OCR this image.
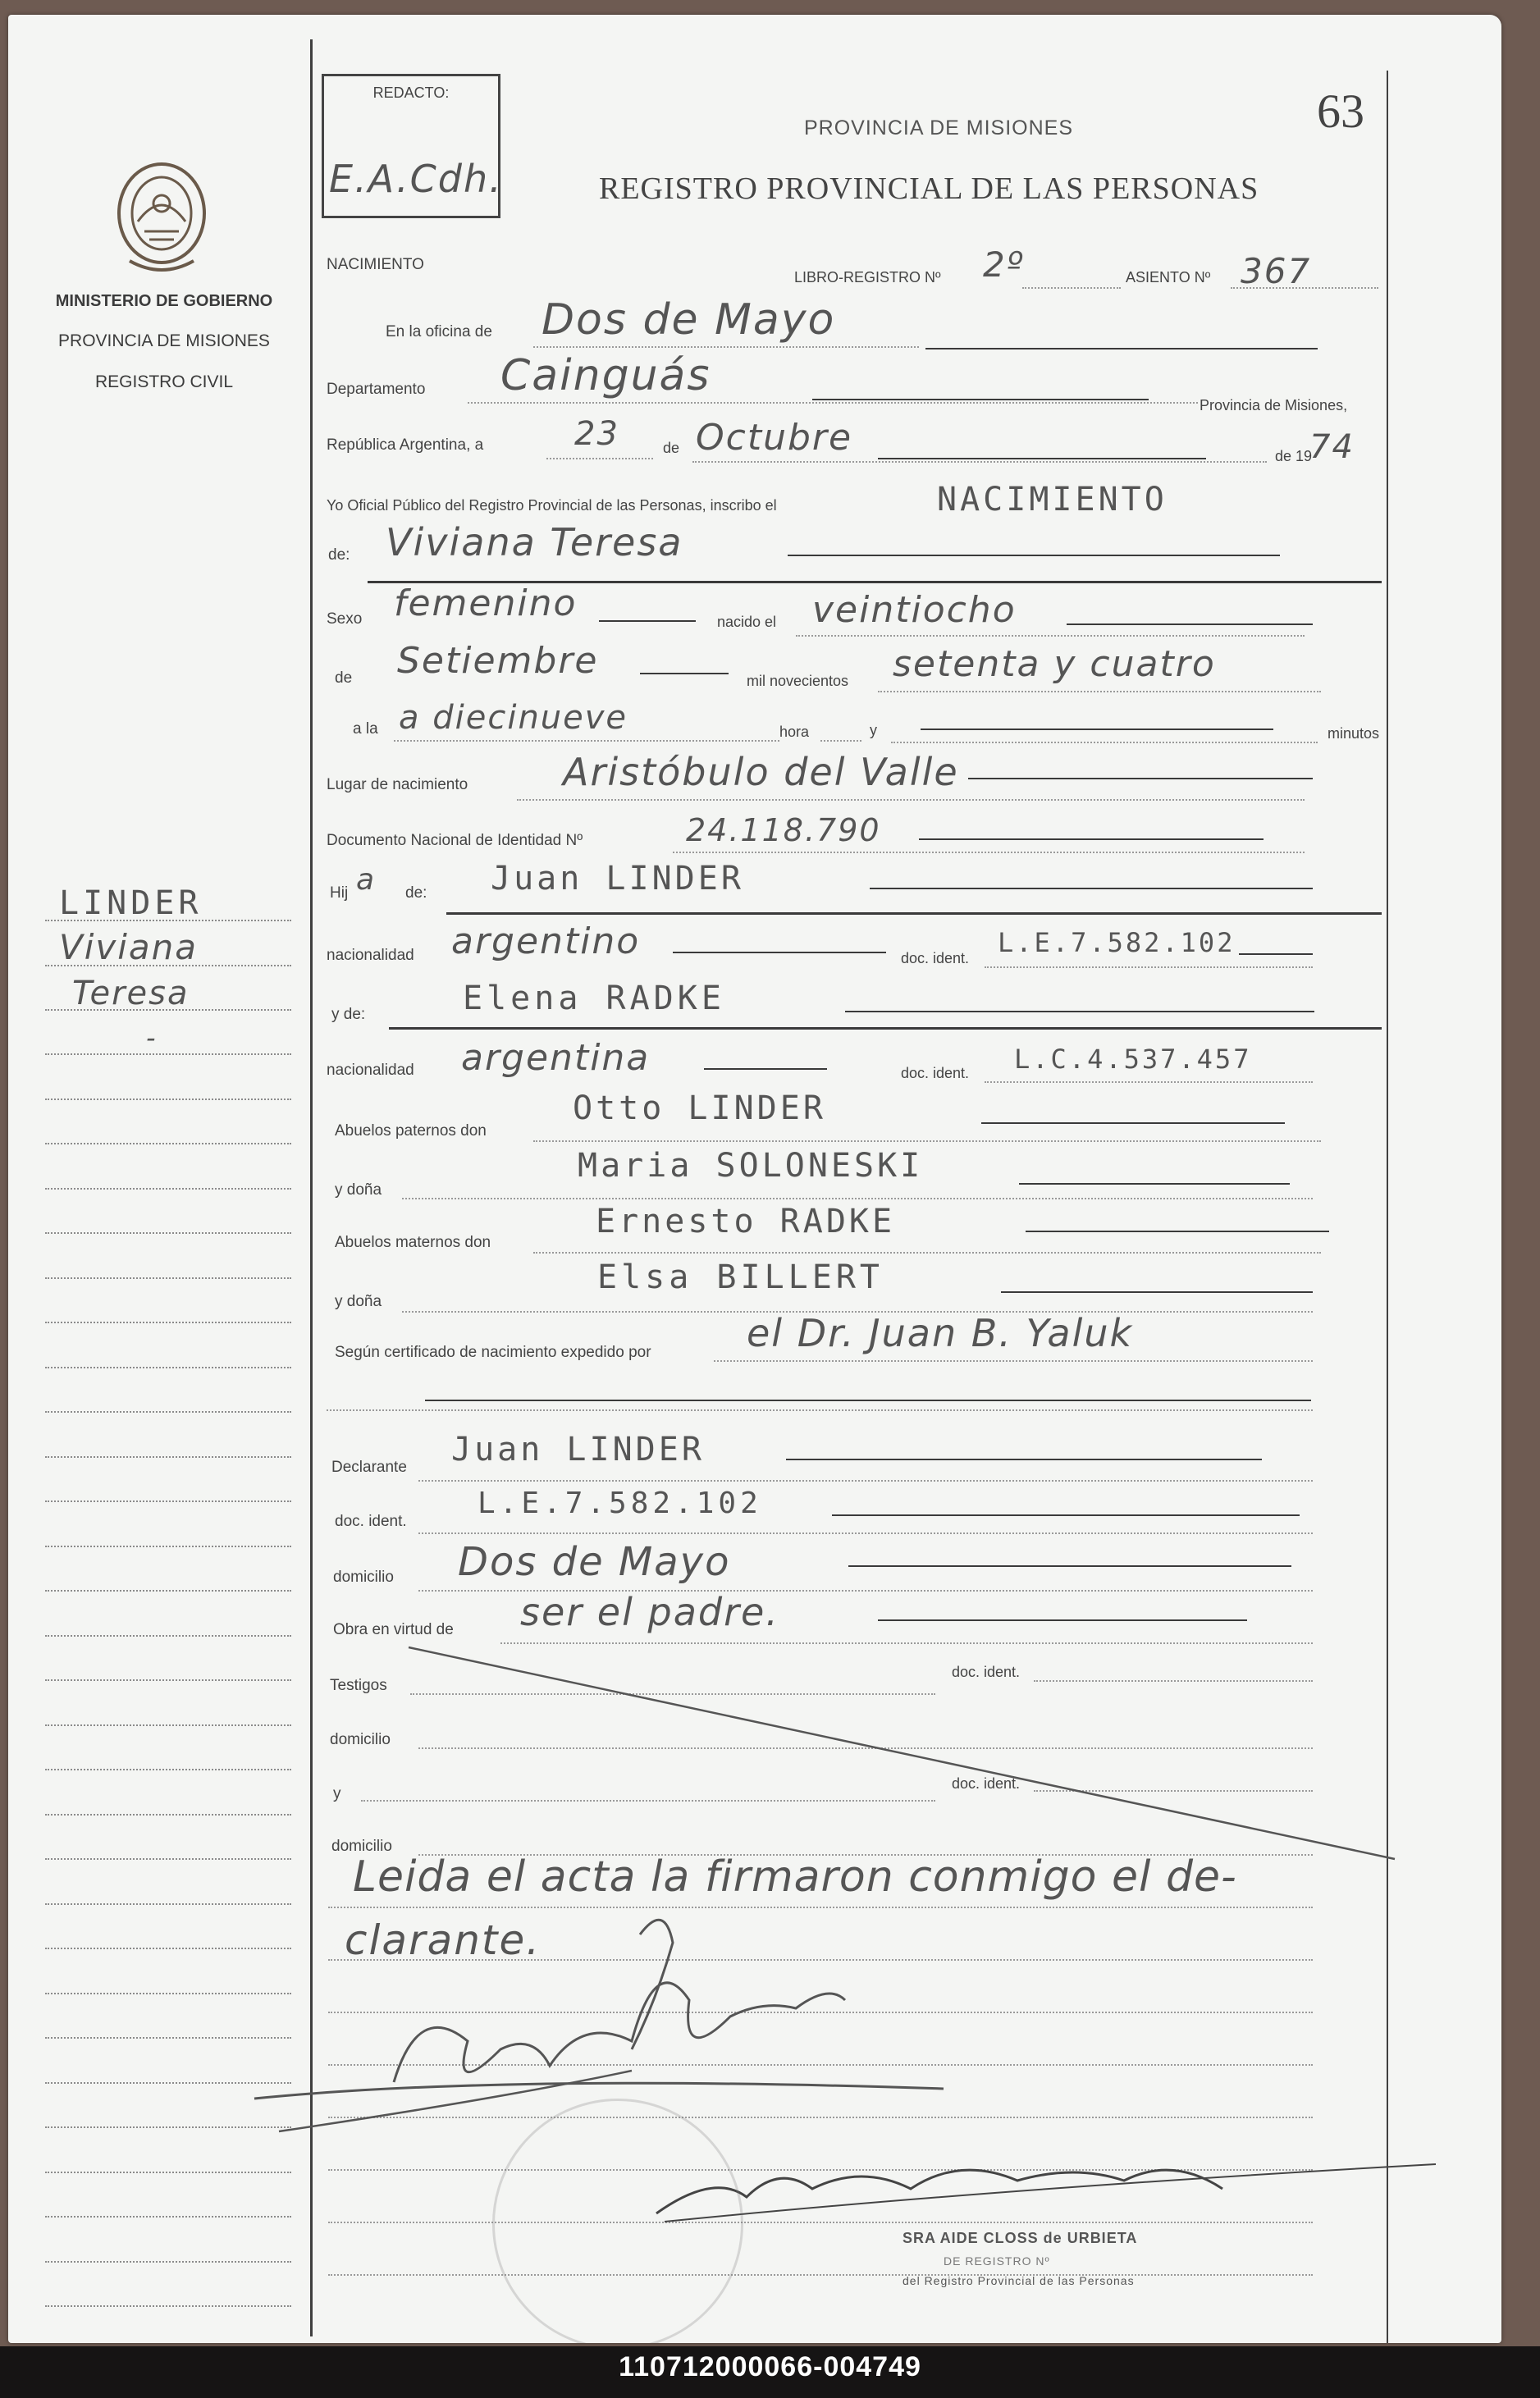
MINISTERIO DE GOBIERNO
PROVINCIA DE MISIONES
REGISTRO CIVIL
LINDER
Viviana
Teresa
-
REDACTO:
E.A.Cdh.
PROVINCIA DE MISIONES
REGISTRO PROVINCIAL DE LAS PERSONAS
63
NACIMIENTO
LIBRO-REGISTRO Nº 2º	ASIENTO Nº 367
En la oficina de Dos de Mayo
Departamento Cainguás
Provincia de Misiones,
República Argentina, a	23	de Octubre	de 19
74
Yo Oficial Público del Registro Provincial de las Personas, inscribo el	NACIMIENTO
de: Viviana Teresa
Sexo femenino	nacido el veintiocho
de Setiembre	mil novecientos setenta y cuatro
a la a diecinueve	hora	y	minutos
Lugar de nacimiento	Aristóbulo del Valle
Documento Nacional de Identidad Nº	24.118.790
Hij a de: Juan LINDER
nacionalidad argentino	doc. ident. L.E.7.582.102
y de:	Elena RADKE
nacionalidad argentina	doc. ident. L.C.4.537.457
Abuelos paternos don
Otto LINDER
y doña
Maria SOLONESKI
Abuelos maternos don
Ernesto RADKE
y doña
Elsa BILLERT
Según certificado de nacimiento expedido por	el Dr. Juan B. Yaluk
Declarante Juan LINDER
doc. ident.
L.E.7.582.102
domicilio Dos de Mayo
Obra en virtud de ser el padre.
Testigos
doc. ident.
domicilio
y
doc. ident.
domicilio
Leida el acta la firmaron conmigo el de-
clarante.
SRA AIDE CLOSS de URBIETA
DE REGISTRO Nº
del Registro Provincial de las Personas
110712000066-004749
